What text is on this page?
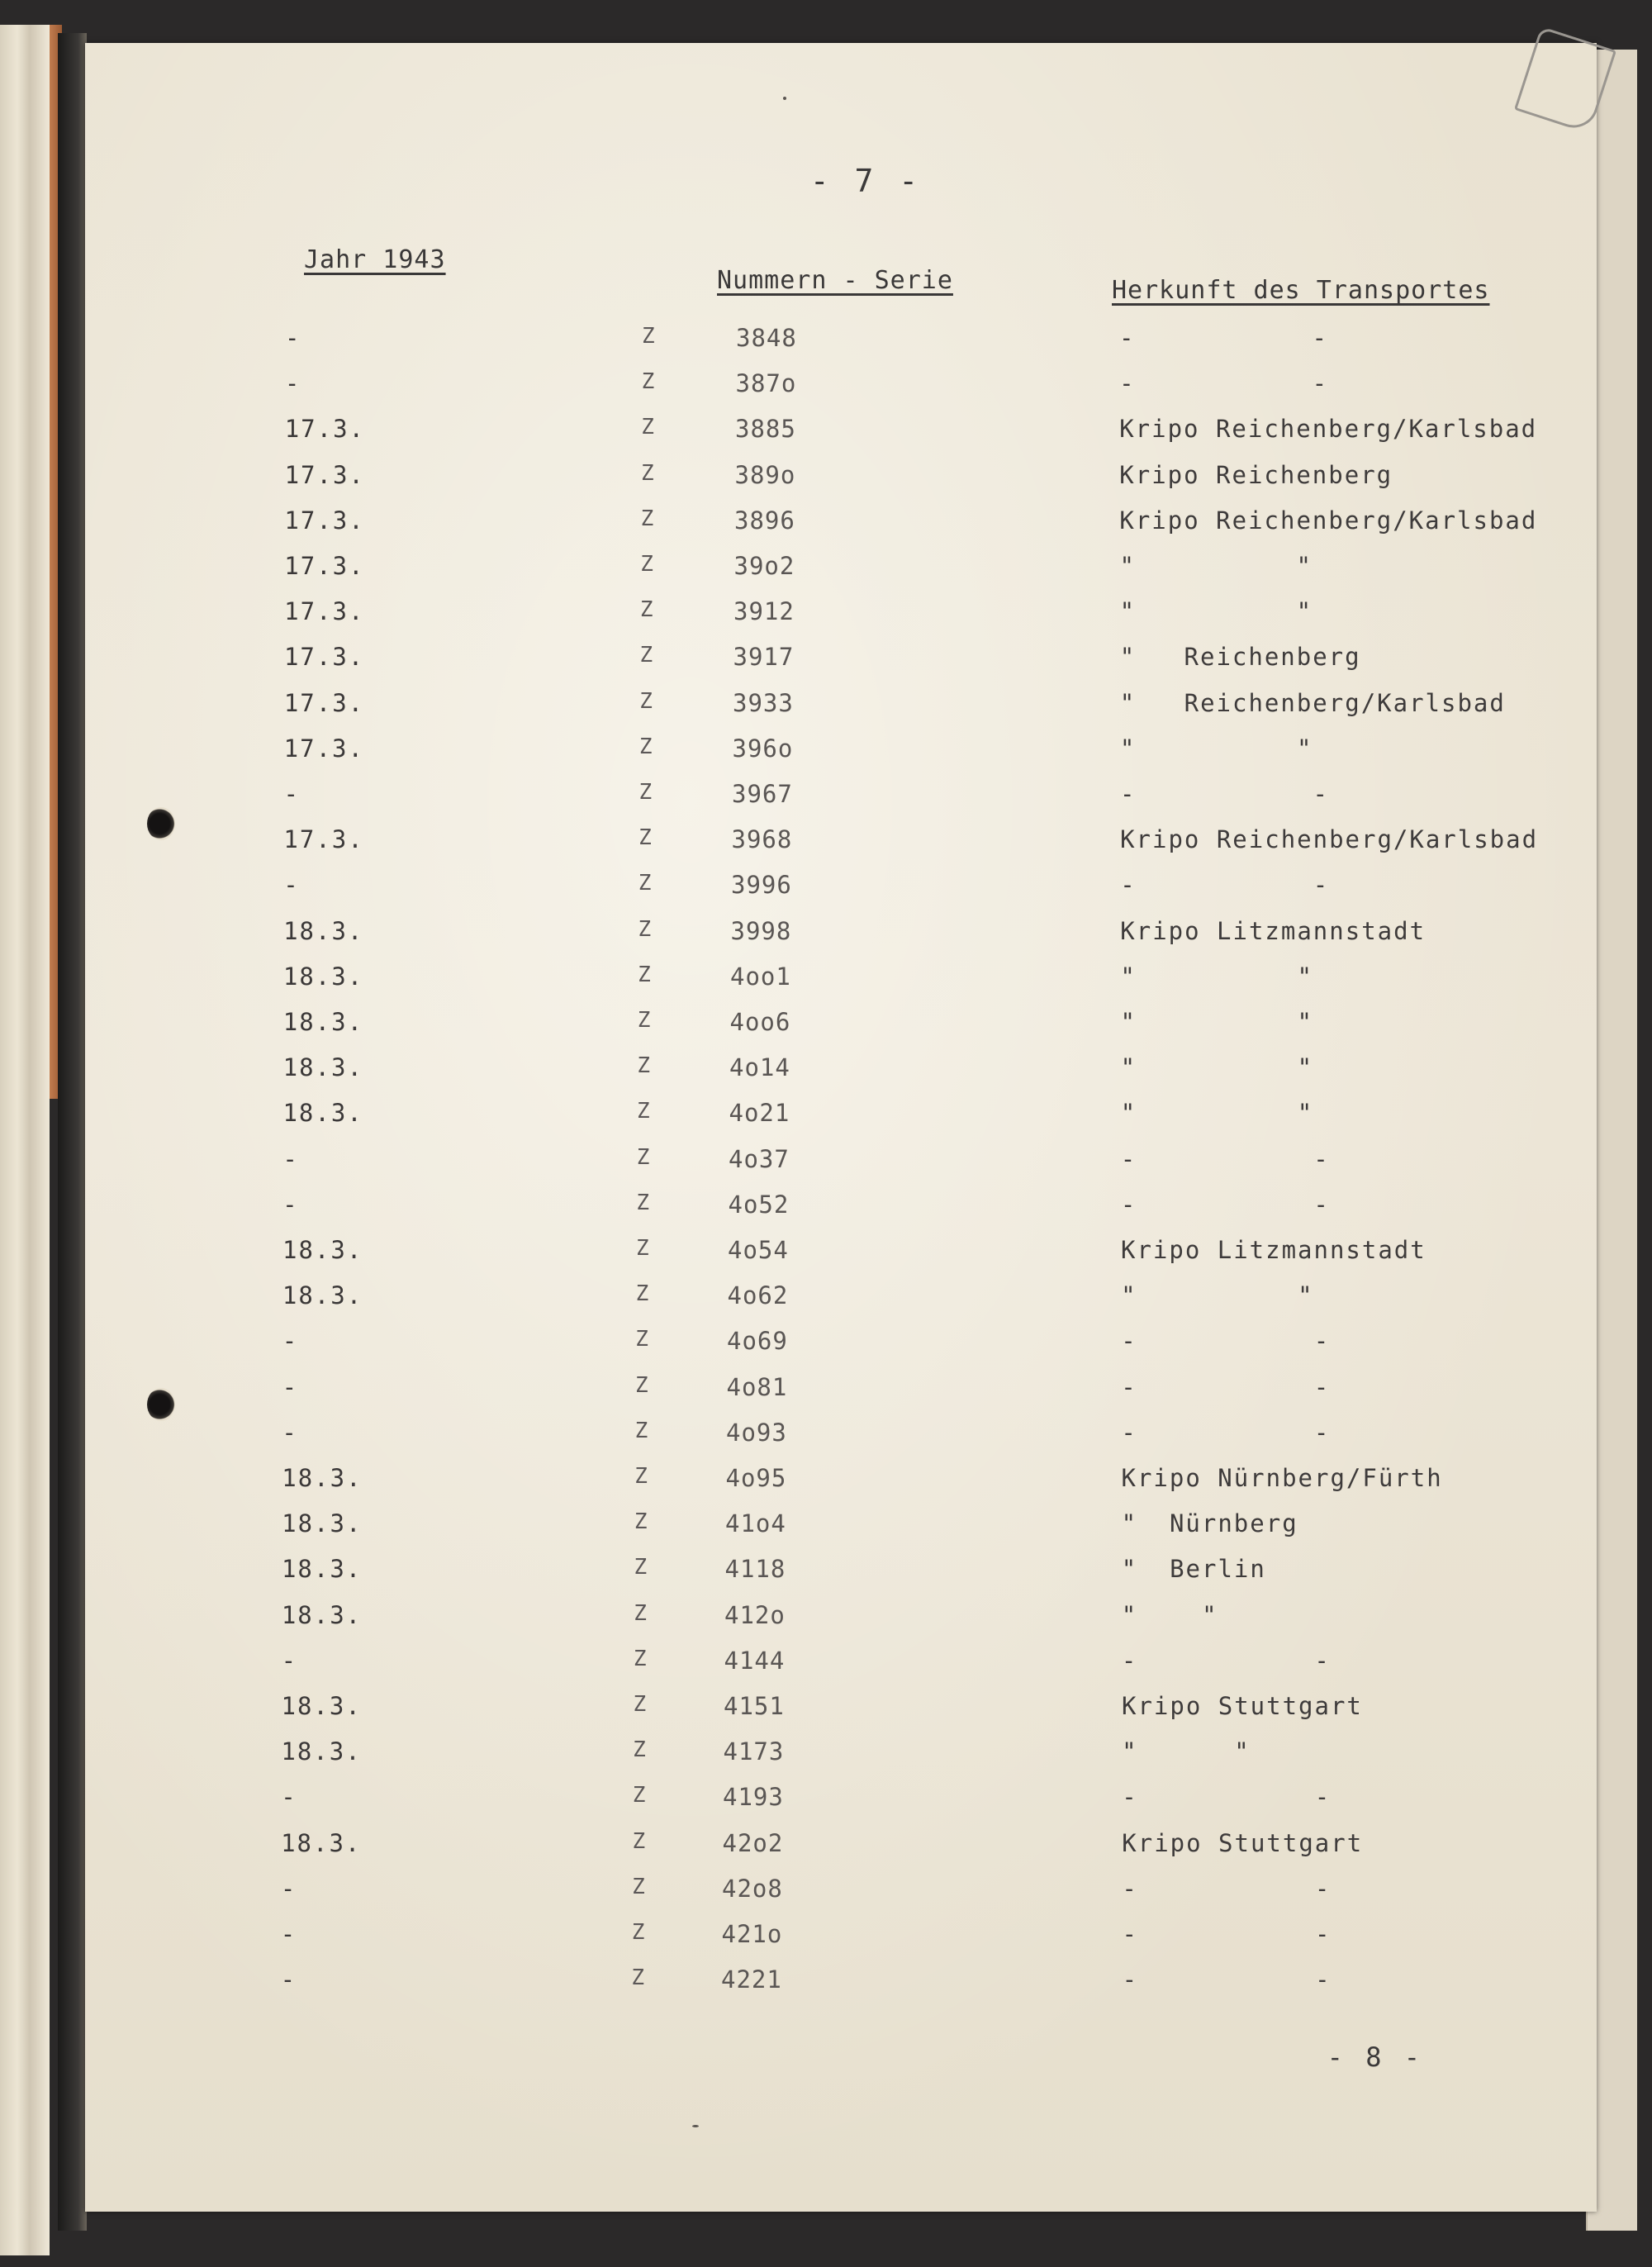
- 7 -
Jahr 1943
Nummern - Serie	Herkunft des Transportes
-	Z	3848	-           -
-	Z	387o	-           -
17.3.	Z	3885	Kripo Reichenberg/Karlsbad
17.3.	Z	389o	Kripo Reichenberg
17.3.	Z	3896	Kripo Reichenberg/Karlsbad
17.3.	Z	39o2	"          "
17.3.	Z	3912	"          "
17.3.	Z	3917	"   Reichenberg
17.3.	Z	3933	"   Reichenberg/Karlsbad
17.3.	Z	396o	"          "
-	Z	3967	-           -
17.3.	Z	3968	Kripo Reichenberg/Karlsbad
-	Z	3996	-           -
18.3.	Z	3998	Kripo Litzmannstadt
18.3.	Z	4oo1	"          "
18.3.	Z	4oo6	"          "
18.3.	Z	4o14	"          "
18.3.	Z	4o21	"          "
-	Z	4o37	-           -
-	Z	4o52	-           -
18.3.	Z	4o54	Kripo Litzmannstadt
18.3.	Z	4o62	"          "
-	Z	4o69	-           -
-	Z	4o81	-           -
-	Z	4o93	-           -
18.3.	Z	4o95	Kripo Nürnberg/Fürth
18.3.	Z	41o4	"  Nürnberg
18.3.	Z	4118	"  Berlin
18.3.	Z	412o	"    "
-	Z	4144	-           -
18.3.	Z	4151	Kripo Stuttgart
18.3.	Z	4173	"      "
-	Z	4193	-           -
18.3.	Z	42o2	Kripo Stuttgart
-	Z	42o8	-           -
-	Z	421o	-           -
-	Z	4221	-           -
- 8 -
